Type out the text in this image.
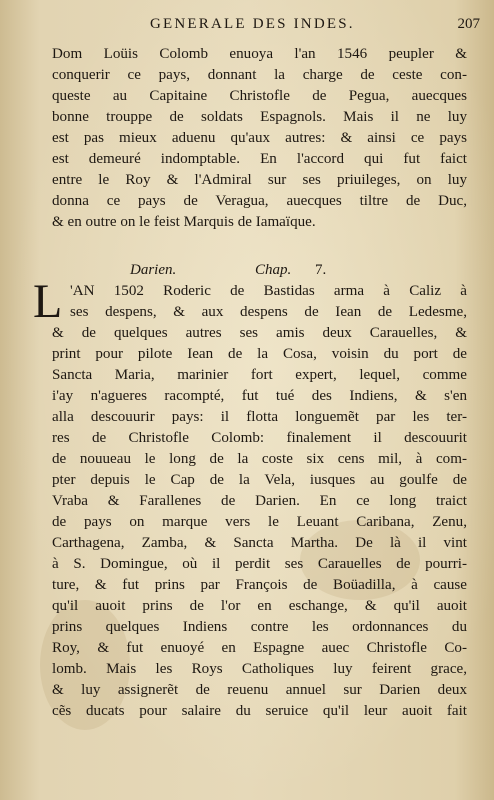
GENERALE DES INDES.	207
Dom Loüis Colomb enuoya l'an 1546 peupler &
conquerir ce pays, donnant la charge de ceste con-
queste au Capitaine Christofle de Pegua, auecques
bonne trouppe de soldats Espagnols. Mais il ne luy
est pas mieux aduenu qu'aux autres: & ainsi ce pays
est demeuré indomptable. En l'accord qui fut faict
entre le Roy & l'Admiral sur ses priuileges, on luy
donna ce pays de Veragua, auecques tiltre de Duc,
& en outre on le feist Marquis de Iamaïque.
Darien.	Chap. 7.
L 'AN 1502 Roderic de Bastidas arma à Caliz à
ses despens, & aux despens de Iean de Ledesme,
& de quelques autres ses amis deux Carauelles, &
print pour pilote Iean de la Cosa, voisin du port de
Sancta Maria, marinier fort expert, lequel, comme
i'ay n'agueres racompté, fut tué des Indiens, & s'en
alla descouurir pays: il flotta longuemẽt par les ter-
res de Christofle Colomb: finalement il descouurit
de nouueau le long de la coste six cens mil, à com-
pter depuis le Cap de la Vela, iusques au goulfe de
Vraba & Farallenes de Darien. En ce long traict
de pays on marque vers le Leuant Caribana, Zenu,
Carthagena, Zamba, & Sancta Martha. De là il vint
à S. Domingue, où il perdit ses Carauelles de pourri-
ture, & fut prins par François de Boüadilla, à cause
qu'il auoit prins de l'or en eschange, & qu'il auoit
prins quelques Indiens contre les ordonnances du
Roy, & fut enuoyé en Espagne auec Christofle Co-
lomb. Mais les Roys Catholiques luy feirent grace,
& luy assignerẽt de reuenu annuel sur Darien deux
cẽs ducats pour salaire du seruice qu'il leur auoit fait
